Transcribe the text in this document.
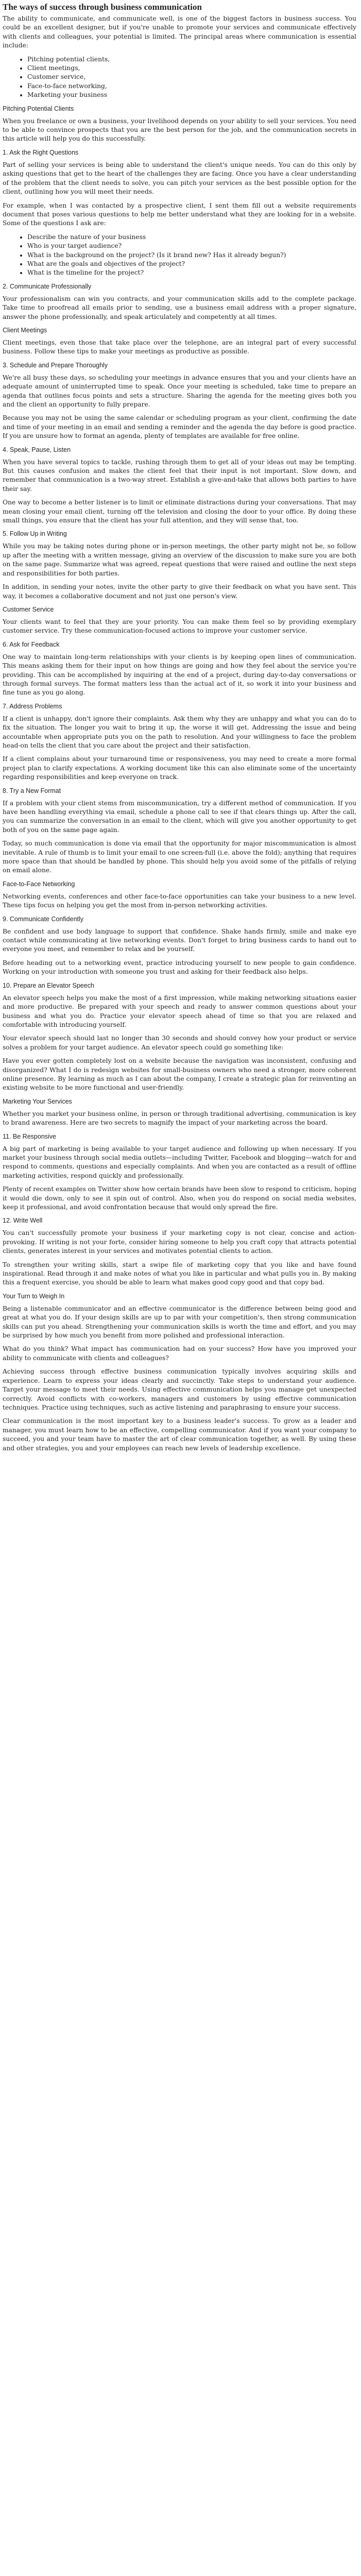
The ways of success through business communication

The ability to communicate, and communicate well, is one of the biggest factors in business success. You could be an excellent designer, but if you're unable to promote your services and communicate effectively with clients and colleagues, your potential is limited. The principal areas where communication is essential include:

• Pitching potential clients,
• Client meetings,
• Customer service,
• Face-to-face networking,
• Marketing your business
Pitching Potential Clients

When you freelance or own a business, your livelihood depends on your ability to sell your services. You need to be able to convince prospects that you are the best person for the job, and the communication secrets in this article will help you do this successfully.

1. Ask the Right Questions

Part of selling your services is being able to understand the client's unique needs. You can do this only by asking questions that get to the heart of the challenges they are facing. Once you have a clear understanding of the problem that the client needs to solve, you can pitch your services as the best possible option for the client, outlining how you will meet their needs.

For example, when I was contacted by a prospective client, I sent them fill out a website requirements document that poses various questions to help me better understand what they are looking for in a website. Some of the questions I ask are:

• Describe the nature of your business
• Who is your target audience?
• What is the background on the project? (Is it brand new? Has it already begun?)
• What are the goals and objectives of the project?
• What is the timeline for the project?
2. Communicate Professionally

Your professionalism can win you contracts, and your communication skills add to the complete package. Take time to proofread all emails prior to sending, use a business email address with a proper signature, answer the phone professionally, and speak articulately and competently at all times.

Client Meetings

Client meetings, even those that take place over the telephone, are an integral part of every successful business. Follow these tips to make your meetings as productive as possible.

3. Schedule and Prepare Thoroughly

We're all busy these days, so scheduling your meetings in advance ensures that you and your clients have an adequate amount of uninterrupted time to speak. Once your meeting is scheduled, take time to prepare an agenda that outlines focus points and sets a structure. Sharing the agenda for the meeting gives both you and the client an opportunity to fully prepare.

Because you may not be using the same calendar or scheduling program as your client, confirming the date and time of your meeting in an email and sending a reminder and the agenda the day before is good practice. If you are unsure how to format an agenda, plenty of templates are available for free online.

4. Speak, Pause, Listen

When you have several topics to tackle, rushing through them to get all of your ideas out may be tempting. But this causes confusion and makes the client feel that their input is not important. Slow down, and remember that communication is a two-way street. Establish a give-and-take that allows both parties to have their say.

One way to become a better listener is to limit or eliminate distractions during your conversations. That may mean closing your email client, turning off the television and closing the door to your office. By doing these small things, you ensure that the client has your full attention, and they will sense that, too.

5. Follow Up in Writing

While you may be taking notes during phone or in-person meetings, the other party might not be, so follow up after the meeting with a written message, giving an overview of the discussion to make sure you are both on the same page. Summarize what was agreed, repeat questions that were raised and outline the next steps and responsibilities for both parties.

In addition, in sending your notes, invite the other party to give their feedback on what you have sent. This way, it becomes a collaborative document and not just one person's view.

Customer Service

Your clients want to feel that they are your priority. You can make them feel so by providing exemplary customer service. Try these communication-focused actions to improve your customer service.

6. Ask for Feedback

One way to maintain long-term relationships with your clients is by keeping open lines of communication. This means asking them for their input on how things are going and how they feel about the service you're providing. This can be accomplished by inquiring at the end of a project, during day-to-day conversations or through formal surveys. The format matters less than the actual act of it, so work it into your business and fine tune as you go along.

7. Address Problems

If a client is unhappy, don't ignore their complaints. Ask them why they are unhappy and what you can do to fix the situation. The longer you wait to bring it up, the worse it will get. Addressing the issue and being accountable when appropriate puts you on the path to resolution. And your willingness to face the problem head-on tells the client that you care about the project and their satisfaction.

If a client complains about your turnaround time or responsiveness, you may need to create a more formal project plan to clarify expectations. A working document like this can also eliminate some of the uncertainty regarding responsibilities and keep everyone on track.

8. Try a New Format

If a problem with your client stems from miscommunication, try a different method of communication. If you have been handling everything via email, schedule a phone call to see if that clears things up. After the call, you can summarize the conversation in an email to the client, which will give you another opportunity to get both of you on the same page again.

Today, so much communication is done via email that the opportunity for major miscommunication is almost inevitable. A rule of thumb is to limit your email to one screen-full (i.e. above the fold); anything that requires more space than that should be handled by phone. This should help you avoid some of the pitfalls of relying on email alone.

Face-to-Face Networking

Networking events, conferences and other face-to-face opportunities can take your business to a new level. These tips focus on helping you get the most from in-person networking activities.

9. Communicate Confidently

Be confident and use body language to support that confidence. Shake hands firmly, smile and make eye contact while communicating at live networking events. Don't forget to bring business cards to hand out to everyone you meet, and remember to relax and be yourself.

Before heading out to a networking event, practice introducing yourself to new people to gain confidence. Working on your introduction with someone you trust and asking for their feedback also helps.

10. Prepare an Elevator Speech

An elevator speech helps you make the most of a first impression, while making networking situations easier and more productive. Be prepared with your speech and ready to answer common questions about your business and what you do. Practice your elevator speech ahead of time so that you are relaxed and comfortable with introducing yourself.

Your elevator speech should last no longer than 30 seconds and should convey how your product or service solves a problem for your target audience. An elevator speech could go something like:

Have you ever gotten completely lost on a website because the navigation was inconsistent, confusing and disorganized? What I do is redesign websites for small-business owners who need a stronger, more coherent online presence. By learning as much as I can about the company, I create a strategic plan for reinventing an existing website to be more functional and user-friendly.

Marketing Your Services

Whether you market your business online, in person or through traditional advertising, communication is key to brand awareness. Here are two secrets to magnify the impact of your marketing across the board.

11. Be Responsive

A big part of marketing is being available to your target audience and following up when necessary. If you market your business through social media outlets—including Twitter, Facebook and blogging—watch for and respond to comments, questions and especially complaints. And when you are contacted as a result of offline marketing activities, respond quickly and professionally.

Plenty of recent examples on Twitter show how certain brands have been slow to respond to criticism, hoping it would die down, only to see it spin out of control. Also, when you do respond on social media websites, keep it professional, and avoid confrontation because that would only spread the fire.

12. Write Well

You can't successfully promote your business if your marketing copy is not clear, concise and action-provoking. If writing is not your forte, consider hiring someone to help you craft copy that attracts potential clients, generates interest in your services and motivates potential clients to action.

To strengthen your writing skills, start a swipe file of marketing copy that you like and have found inspirational. Read through it and make notes of what you like in particular and what pulls you in. By making this a frequent exercise, you should be able to learn what makes good copy good and that copy bad.

Your Turn to Weigh In

Being a listenable communicator and an effective communicator is the difference between being good and great at what you do. If your design skills are up to par with your competition's, then strong communication skills can put you ahead. Strengthening your communication skills is worth the time and effort, and you may be surprised by how much you benefit from more polished and professional interaction.

What do you think? What impact has communication had on your success? How have you improved your ability to communicate with clients and colleagues?

Achieving success through effective business communication typically involves acquiring skills and experience. Learn to express your ideas clearly and succinctly. Take steps to understand your audience. Target your message to meet their needs. Using effective communication helps you manage get unexpected correctly. Avoid conflicts with co-workers, managers and customers by using effective communication techniques. Practice using techniques, such as active listening and paraphrasing to ensure your success.

Clear communication is the most important key to a business leader's success. To grow as a leader and manager, you must learn how to be an effective, compelling communicator. And if you want your company to succeed, you and your team have to master the art of clear communication together, as well. By using these and other strategies, you and your employees can reach new levels of leadership excellence.
